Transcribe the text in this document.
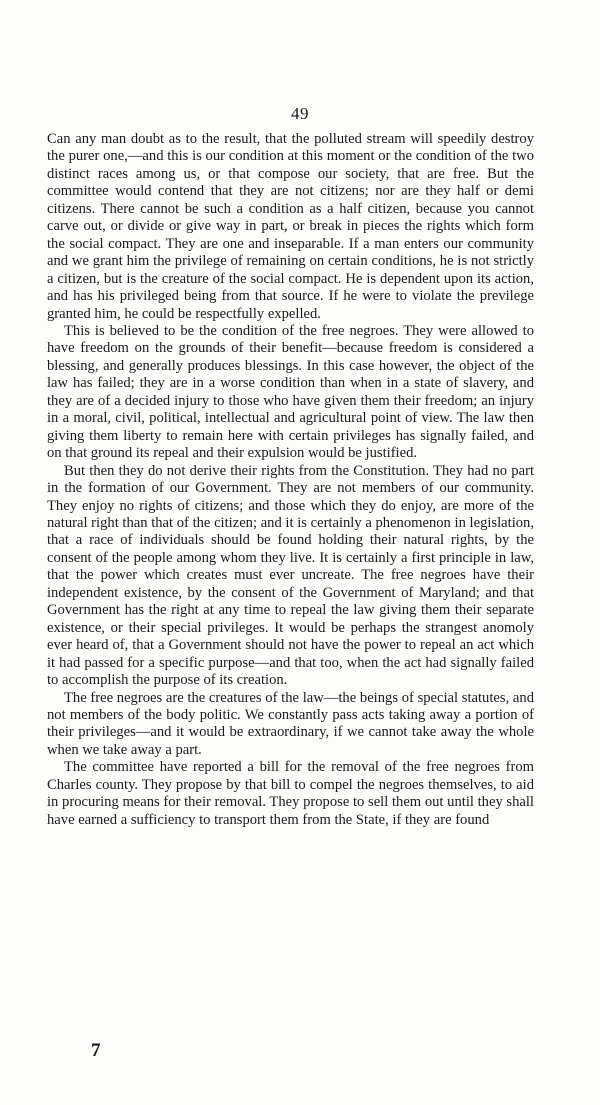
49

Can any man doubt as to the result, that the polluted stream will speedily destroy the purer one,—and this is our condition at this moment or the condition of the two distinct races among us, or that compose our society, that are free. But the committee would contend that they are not citizens; nor are they half or demi citizens. There cannot be such a condition as a half citizen, because you cannot carve out, or divide or give way in part, or break in pieces the rights which form the social compact. They are one and inseparable. If a man enters our community and we grant him the privilege of remaining on certain conditions, he is not strictly a citizen, but is the creature of the social compact. He is dependent upon its action, and has his privileged being from that source. If he were to violate the previlege granted him, he could be respectfully expelled.

This is believed to be the condition of the free negroes. They were allowed to have freedom on the grounds of their benefit—because freedom is considered a blessing, and generally produces blessings. In this case however, the object of the law has failed; they are in a worse condition than when in a state of slavery, and they are of a decided injury to those who have given them their freedom; an injury in a moral, civil, political, intellectual and agricultural point of view. The law then giving them liberty to remain here with certain privileges has signally failed, and on that ground its repeal and their expulsion would be justified.

But then they do not derive their rights from the Constitution. They had no part in the formation of our Government. They are not members of our community. They enjoy no rights of citizens; and those which they do enjoy, are more of the natural right than that of the citizen; and it is certainly a phenomenon in legislation, that a race of individuals should be found holding their natural rights, by the consent of the people among whom they live. It is certainly a first principle in law, that the power which creates must ever uncreate. The free negroes have their independent existence, by the consent of the Government of Maryland; and that Government has the right at any time to repeal the law giving them their separate existence, or their special privileges. It would be perhaps the strangest anomoly ever heard of, that a Government should not have the power to repeal an act which it had passed for a specific purpose—and that too, when the act had signally failed to accomplish the purpose of its creation.

The free negroes are the creatures of the law—the beings of special statutes, and not members of the body politic. We constantly pass acts taking away a portion of their privileges—and it would be extraordinary, if we cannot take away the whole when we take away a part.

The committee have reported a bill for the removal of the free negroes from Charles county. They propose by that bill to compel the negroes themselves, to aid in procuring means for their removal. They propose to sell them out until they shall have earned a sufficiency to transport them from the State, if they are found

7
